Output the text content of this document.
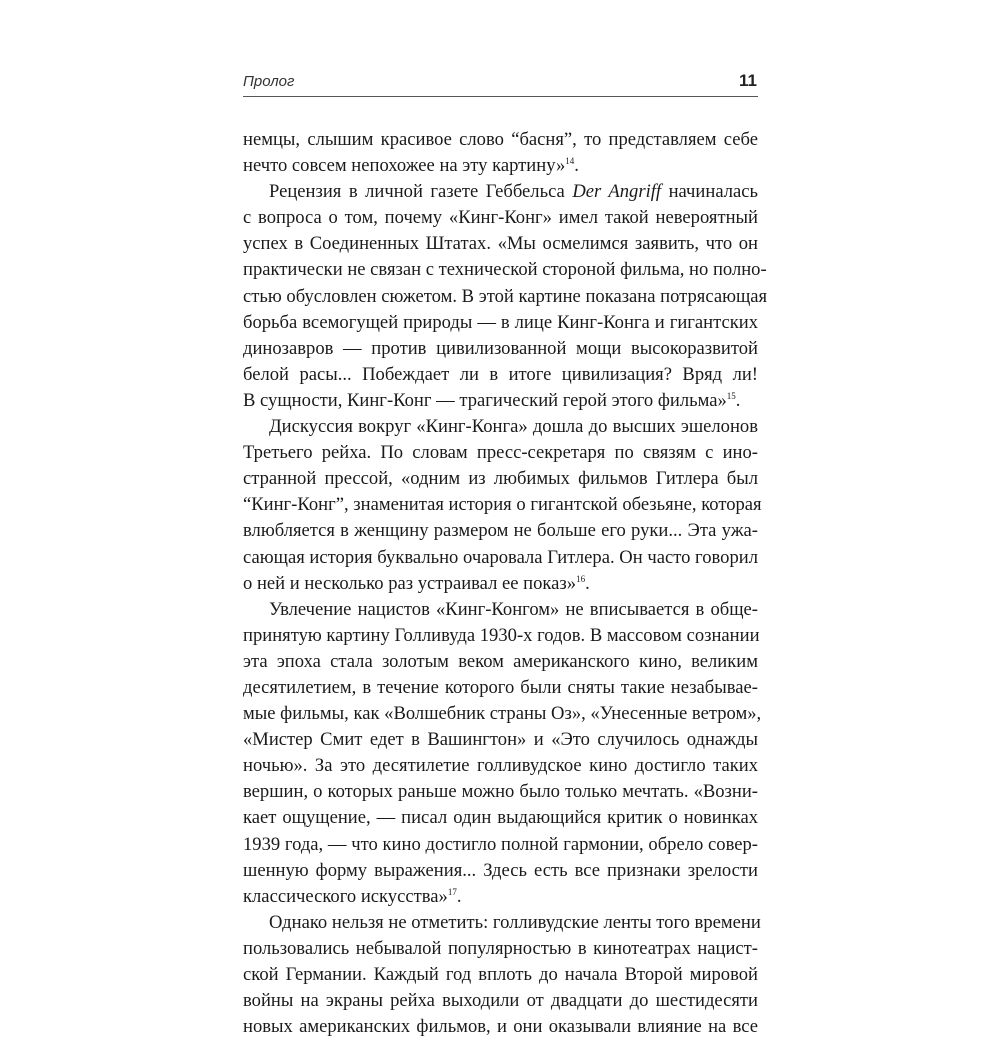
Пролог	11
немцы, слышим красивое слово “басня”, то представляем себе
нечто совсем непохожее на эту картину»$^{14}$.
Рецензия в личной газете Геббельса Der Angriff начиналась
с вопроса о том, почему «Кинг-Конг» имел такой невероятный
успех в Соединенных Штатах. «Мы осмелимся заявить, что он
практически не связан с технической стороной фильма, но полно-
стью обусловлен сюжетом. В этой картине показана потрясающая
борьба всемогущей природы — в лице Кинг-Конга и гигантских
динозавров — против цивилизованной мощи высокоразвитой
белой расы... Побеждает ли в итоге цивилизация? Вряд ли!
В сущности, Кинг-Конг — трагический герой этого фильма»$^{15}$.
Дискуссия вокруг «Кинг-Конга» дошла до высших эшелонов
Третьего рейха. По словам пресс-секретаря по связям с ино-
странной прессой, «одним из любимых фильмов Гитлера был
“Кинг-Конг”, знаменитая история о гигантской обезьяне, которая
влюбляется в женщину размером не больше его руки... Эта ужа-
сающая история буквально очаровала Гитлера. Он часто говорил
о ней и несколько раз устраивал ее показ»$^{16}$.
Увлечение нацистов «Кинг-Конгом» не вписывается в обще-
принятую картину Голливуда 1930-х годов. В массовом сознании
эта эпоха стала золотым веком американского кино, великим
десятилетием, в течение которого были сняты такие незабывае-
мые фильмы, как «Волшебник страны Оз», «Унесенные ветром»,
«Мистер Смит едет в Вашингтон» и «Это случилось однажды
ночью». За это десятилетие голливудское кино достигло таких
вершин, о которых раньше можно было только мечтать. «Возни-
кает ощущение, — писал один выдающийся критик о новинках
1939 года, — что кино достигло полной гармонии, обрело совер-
шенную форму выражения... Здесь есть все признаки зрелости
классического искусства»$^{17}$.
Однако нельзя не отметить: голливудские ленты того времени
пользовались небывалой популярностью в кинотеатрах нацист-
ской Германии. Каждый год вплоть до начала Второй мировой
войны на экраны рейха выходили от двадцати до шестидесяти
новых американских фильмов, и они оказывали влияние на все
